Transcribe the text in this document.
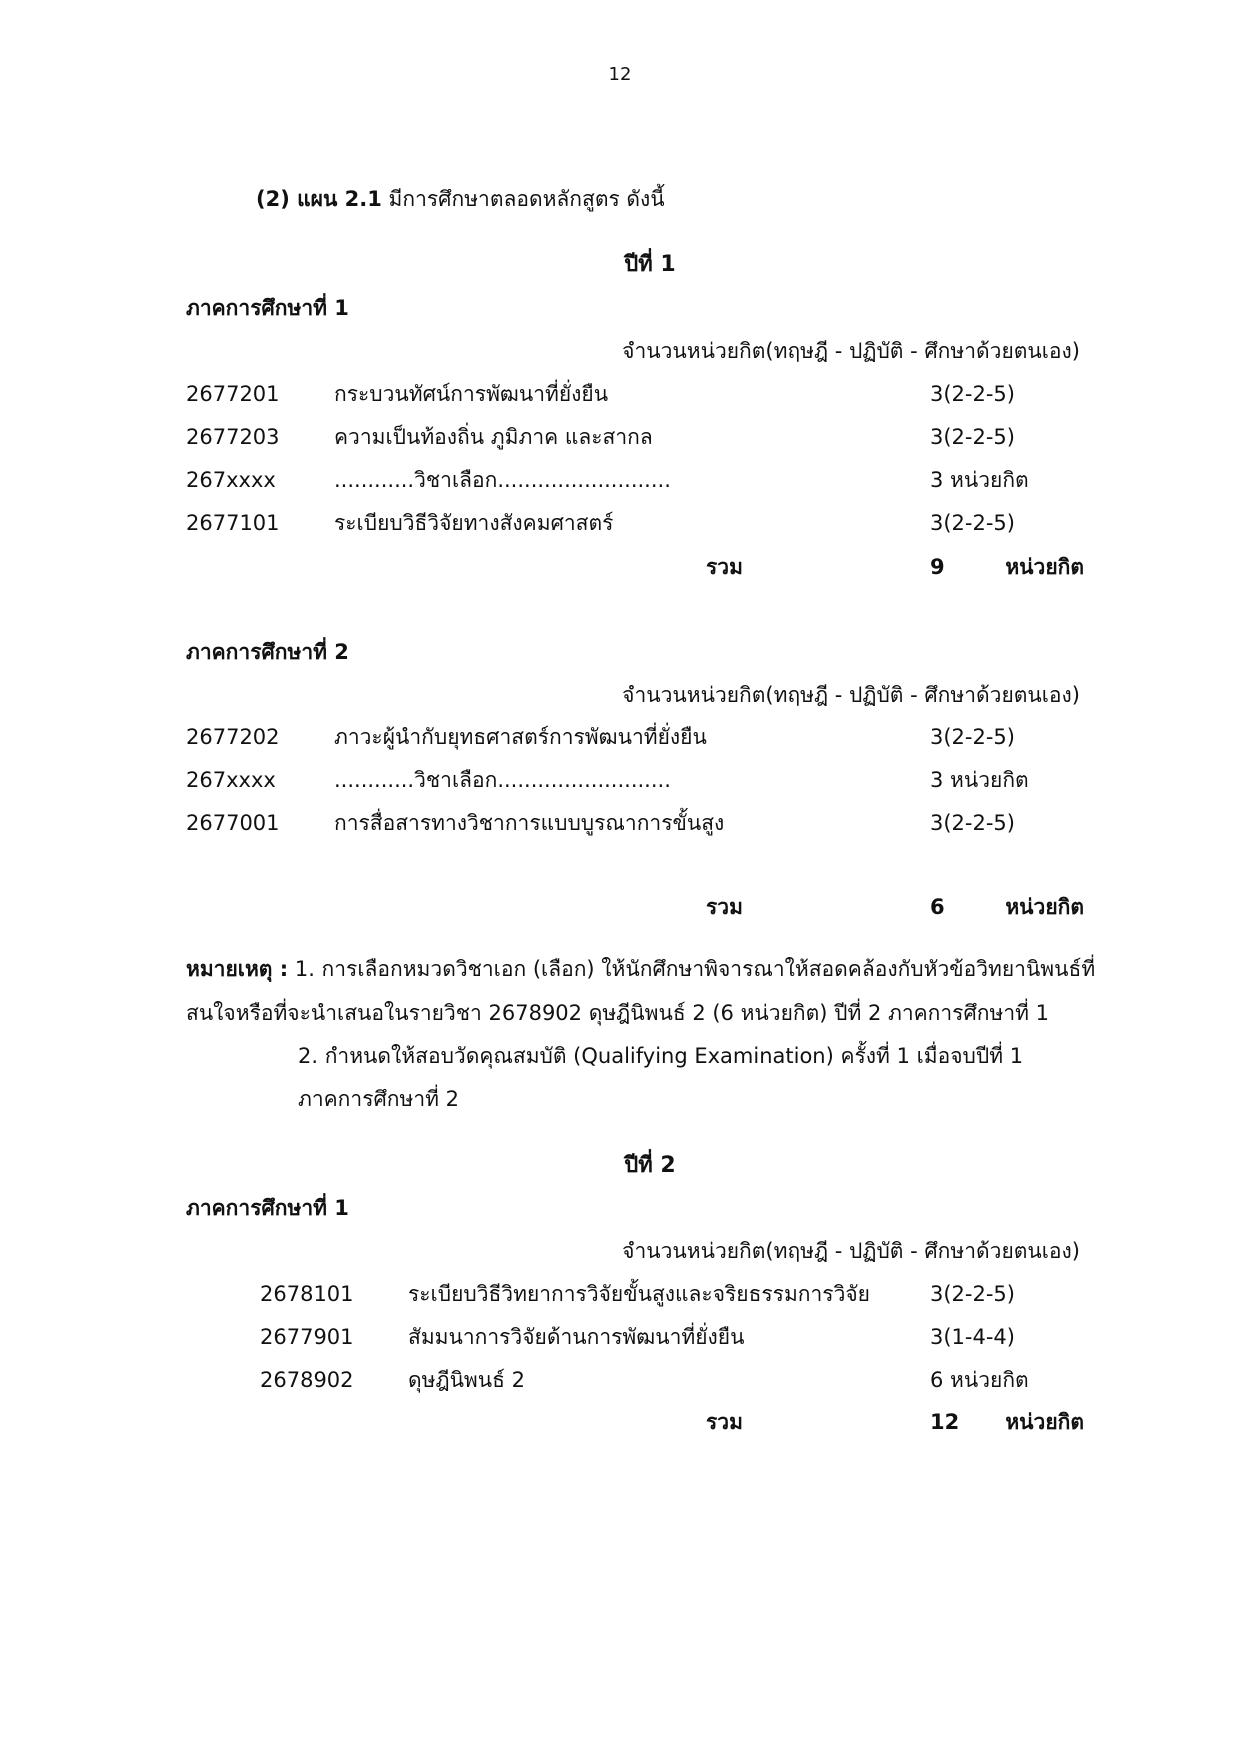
12
(2) แผน 2.1 มีการศึกษาตลอดหลักสูตร ดังนี้
ปีที่ 1
ภาคการศึกษาที่ 1
จำนวนหน่วยกิต(ทฤษฎี - ปฏิบัติ - ศึกษาด้วยตนเอง)
2677201	กระบวนทัศน์การพัฒนาที่ยั่งยืน	3(2-2-5)
2677203	ความเป็นท้องถิ่น ภูมิภาค และสากล	3(2-2-5)
267xxxx	............วิชาเลือก..........................	3 หน่วยกิต
2677101	ระเบียบวิธีวิจัยทางสังคมศาสตร์	3(2-2-5)
รวม	9	หน่วยกิต
ภาคการศึกษาที่ 2
จำนวนหน่วยกิต(ทฤษฎี - ปฏิบัติ - ศึกษาด้วยตนเอง)
2677202	ภาวะผู้นำกับยุทธศาสตร์การพัฒนาที่ยั่งยืน	3(2-2-5)
267xxxx	............วิชาเลือก..........................	3 หน่วยกิต
2677001	การสื่อสารทางวิชาการแบบบูรณาการขั้นสูง	3(2-2-5)
รวม	6	หน่วยกิต
หมายเหตุ : 1. การเลือกหมวดวิชาเอก (เลือก) ให้นักศึกษาพิจารณาให้สอดคล้องกับหัวข้อวิทยานิพนธ์ที่
สนใจหรือที่จะนำเสนอในรายวิชา 2678902 ดุษฎีนิพนธ์ 2 (6 หน่วยกิต) ปีที่ 2 ภาคการศึกษาที่ 1
2. กำหนดให้สอบวัดคุณสมบัติ (Qualifying Examination) ครั้งที่ 1 เมื่อจบปีที่ 1
ภาคการศึกษาที่ 2
ปีที่ 2
ภาคการศึกษาที่ 1
จำนวนหน่วยกิต(ทฤษฎี - ปฏิบัติ - ศึกษาด้วยตนเอง)
2678101	ระเบียบวิธีวิทยาการวิจัยขั้นสูงและจริยธรรมการวิจัย	3(2-2-5)
2677901	สัมมนาการวิจัยด้านการพัฒนาที่ยั่งยืน	3(1-4-4)
2678902	ดุษฎีนิพนธ์ 2	6 หน่วยกิต
รวม	12 หน่วยกิต
